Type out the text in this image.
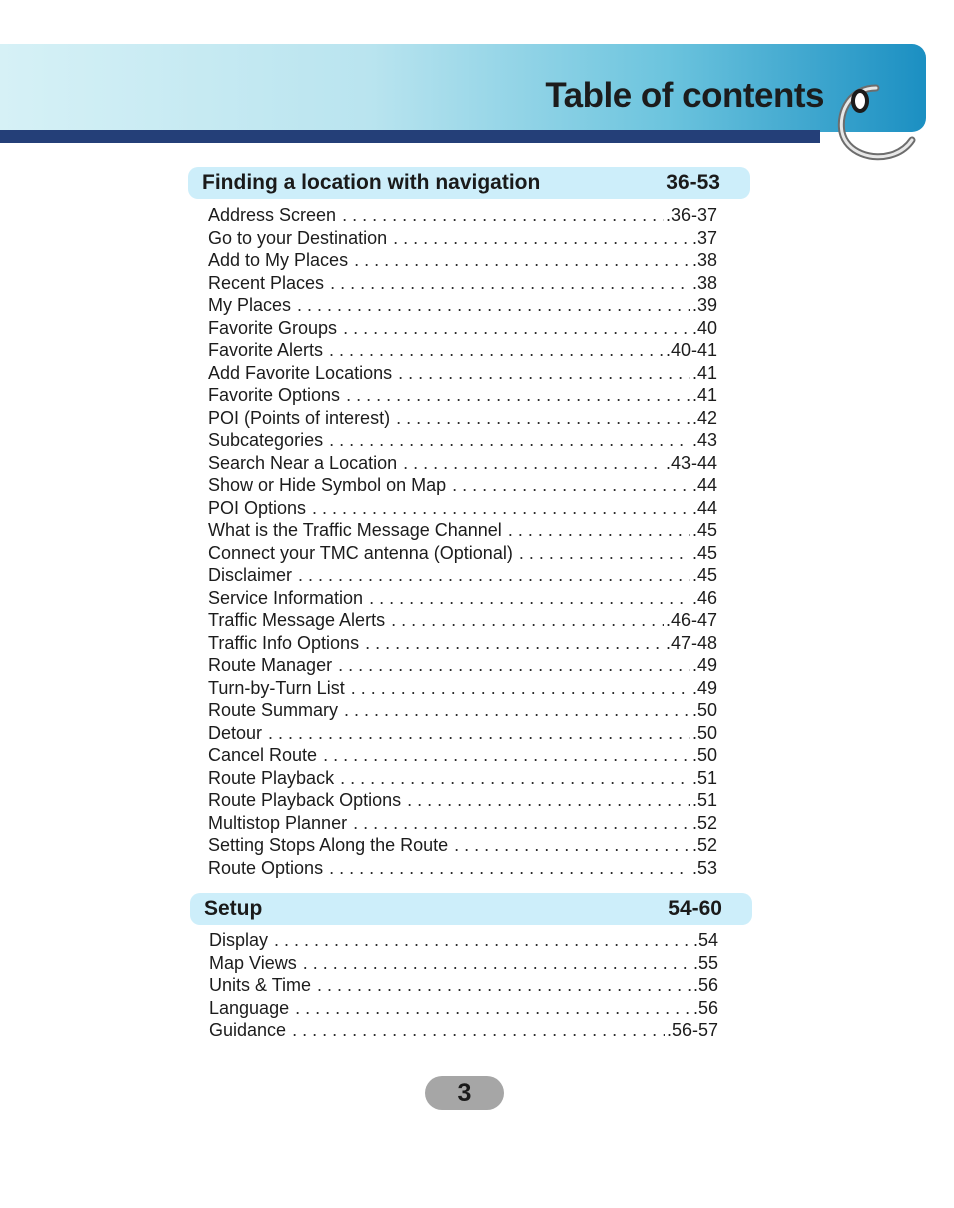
Table of contents
Finding a location with navigation	36-53
Address Screen . . .	.36-37
Go to your Destination . . .	.37
Add to My Places . . .	.38
Recent Places . . .	.38
My Places . . .	.39
Favorite Groups . . .	.40
Favorite Alerts . . .	.40-41
Add Favorite Locations . . .	.41
Favorite Options . . .	.41
POI (Points of interest) . . .	.42
Subcategories . . .	.43
Search Near a Location . . .	.43-44
Show or Hide Symbol on Map . . .	.44
POI Options . . .	.44
What is the Traffic Message Channel . . .	.45
Connect your TMC antenna (Optional) . . .	.45
Disclaimer . . .	.45
Service Information . . .	.46
Traffic Message Alerts . . .	.46-47
Traffic Info Options . . .	.47-48
Route Manager . . .	.49
Turn-by-Turn List . . .	.49
Route Summary . . .	.50
Detour . . .	.50
Cancel Route . . .	.50
Route Playback . . .	.51
Route Playback Options . . .	.51
Multistop Planner . . .	.52
Setting Stops Along the Route . . .	.52
Route Options . . .	.53
Setup	54-60
Display . . .	.54
Map Views . . .	.55
Units & Time . . .	.56
Language . . .	.56
Guidance . . .	.56-57
3
